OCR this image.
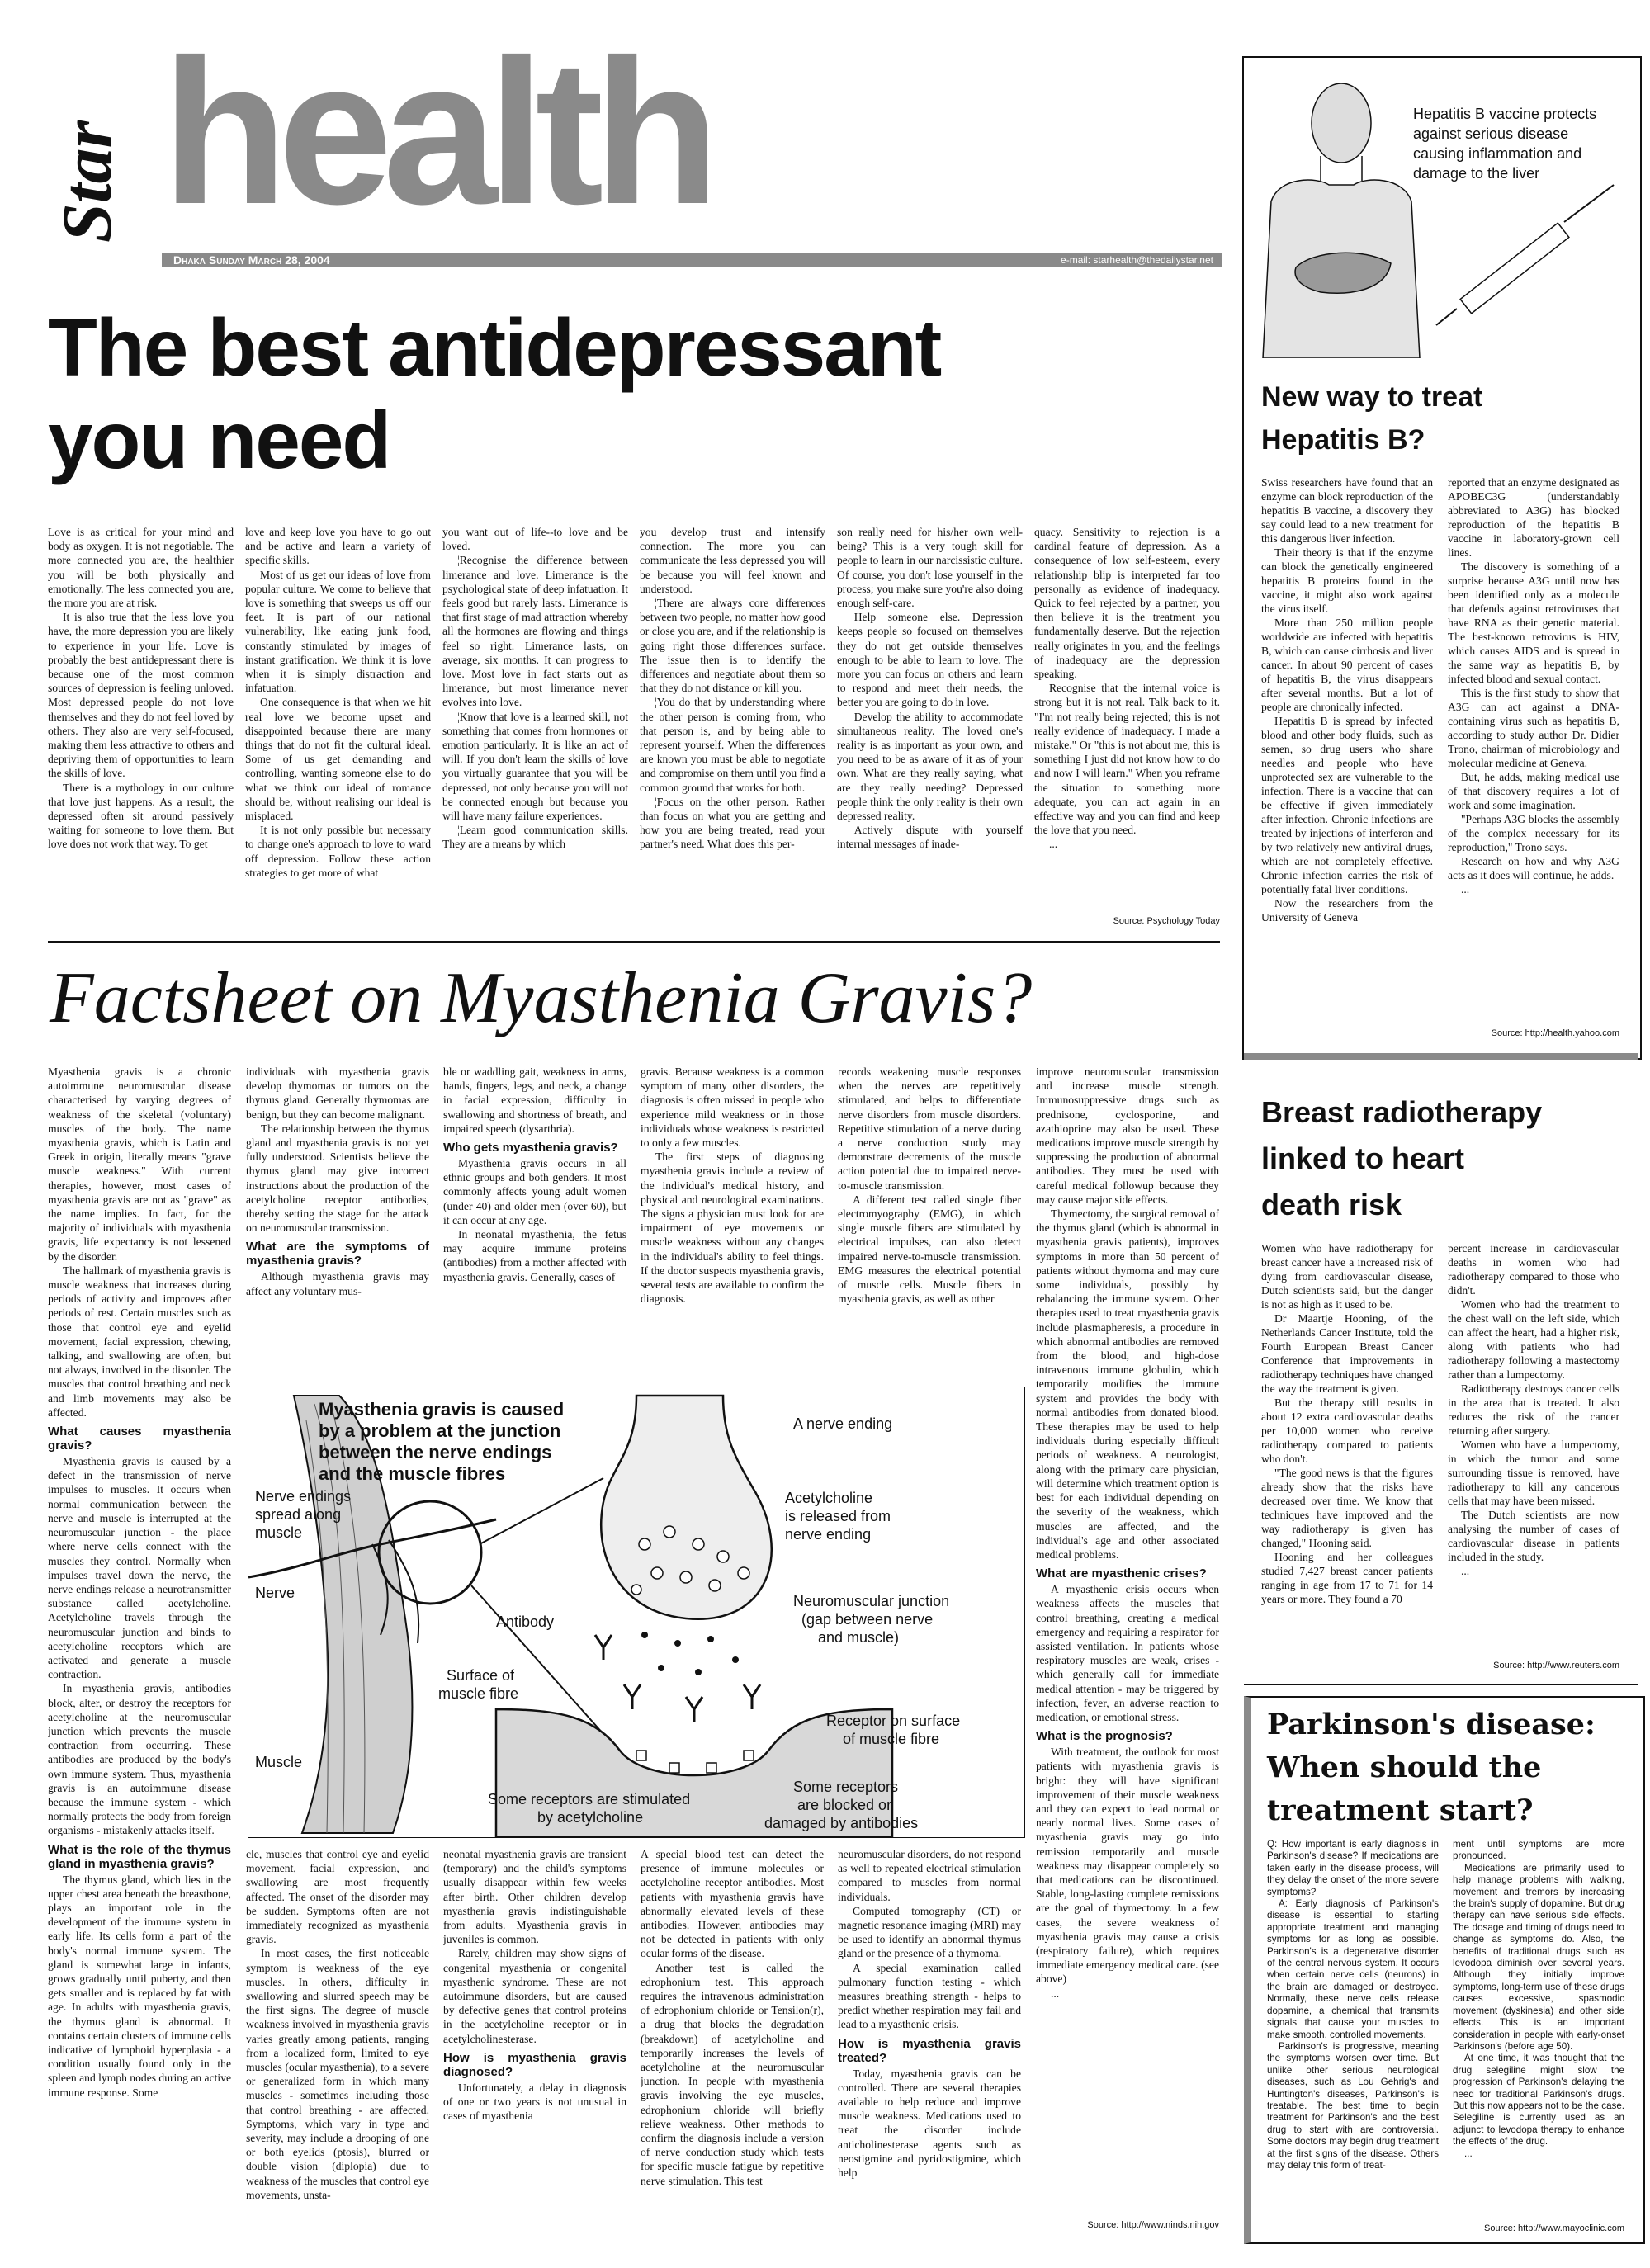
Star health
Dhaka Sunday March 28, 2004	e-mail: starhealth@thedailystar.net
The best antidepressant
you need

Love is as critical for your mind and body as oxygen. It is not negotiable. The more connected you are, the healthier you will be both physically and emotionally. The less connected you are, the more you are at risk.

It is also true that the less love you have, the more depression you are likely to experience in your life. Love is probably the best antidepressant there is because one of the most common sources of depression is feeling unloved. Most depressed people do not love themselves and they do not feel loved by others. They also are very self-focused, making them less attractive to others and depriving them of opportunities to learn the skills of love.

There is a mythology in our culture that love just happens. As a result, the depressed often sit around passively waiting for someone to love them. But love does not work that way. To get

love and keep love you have to go out and be active and learn a variety of specific skills.

Most of us get our ideas of love from popular culture. We come to believe that love is something that sweeps us off our feet. It is part of our national vulnerability, like eating junk food, constantly stimulated by images of instant gratification. We think it is love when it is simply distraction and infatuation.

One consequence is that when we hit real love we become upset and disappointed because there are many things that do not fit the cultural ideal. Some of us get demanding and controlling, wanting someone else to do what we think our ideal of romance should be, without realising our ideal is misplaced.

It is not only possible but necessary to change one's approach to love to ward off depression. Follow these action strategies to get more of what

you want out of life--to love and be loved.

¦Recognise the difference between limerance and love. Limerance is the psychological state of deep infatuation. It feels good but rarely lasts. Limerance is that first stage of mad attraction whereby all the hormones are flowing and things feel so right. Limerance lasts, on average, six months. It can progress to love. Most love in fact starts out as limerance, but most limerance never evolves into love.

¦Know that love is a learned skill, not something that comes from hormones or emotion particularly. It is like an act of will. If you don't learn the skills of love you virtually guarantee that you will be depressed, not only because you will not be connected enough but because you will have many failure experiences.

¦Learn good communication skills. They are a means by which

you develop trust and intensify connection. The more you can communicate the less depressed you will be because you will feel known and understood.

¦There are always core differences between two people, no matter how good or close you are, and if the relationship is going right those differences surface. The issue then is to identify the differences and negotiate about them so that they do not distance or kill you.

¦You do that by understanding where the other person is coming from, who that person is, and by being able to represent yourself. When the differences are known you must be able to negotiate and compromise on them until you find a common ground that works for both.

¦Focus on the other person. Rather than focus on what you are getting and how you are being treated, read your partner's need. What does this per-

son really need for his/her own well-being? This is a very tough skill for people to learn in our narcissistic culture. Of course, you don't lose yourself in the process; you make sure you're also doing enough self-care.

¦Help someone else. Depression keeps people so focused on themselves they do not get outside themselves enough to be able to learn to love. The more you can focus on others and learn to respond and meet their needs, the better you are going to do in love.

¦Develop the ability to accommodate simultaneous reality. The loved one's reality is as important as your own, and you need to be as aware of it as of your own. What are they really saying, what are they really needing? Depressed people think the only reality is their own depressed reality.

¦Actively dispute with yourself internal messages of inade-

quacy. Sensitivity to rejection is a cardinal feature of depression. As a consequence of low self-esteem, every relationship blip is interpreted far too personally as evidence of inadequacy. Quick to feel rejected by a partner, you then believe it is the treatment you fundamentally deserve. But the rejection really originates in you, and the feelings of inadequacy are the depression speaking.

Recognise that the internal voice is strong but it is not real. Talk back to it. "I'm not really being rejected; this is not really evidence of inadequacy. I made a mistake." Or "this is not about me, this is something I just did not know how to do and now I will learn." When you reframe the situation to something more adequate, you can act again in an effective way and you can find and keep the love that you need.

...

Source: Psychology Today
Factsheet on Myasthenia Gravis?

Myasthenia gravis is a chronic autoimmune neuromuscular disease characterised by varying degrees of weakness of the skeletal (voluntary) muscles of the body. The name myasthenia gravis, which is Latin and Greek in origin, literally means "grave muscle weakness." With current therapies, however, most cases of myasthenia gravis are not as "grave" as the name implies. In fact, for the majority of individuals with myasthenia gravis, life expectancy is not lessened by the disorder.

The hallmark of myasthenia gravis is muscle weakness that increases during periods of activity and improves after periods of rest. Certain muscles such as those that control eye and eyelid movement, facial expression, chewing, talking, and swallowing are often, but not always, involved in the disorder. The muscles that control breathing and neck and limb movements may also be affected.

What causes myasthenia gravis?

Myasthenia gravis is caused by a defect in the transmission of nerve impulses to muscles. It occurs when normal communication between the nerve and muscle is interrupted at the neuromuscular junction - the place where nerve cells connect with the muscles they control. Normally when impulses travel down the nerve, the nerve endings release a neurotransmitter substance called acetylcholine. Acetylcholine travels through the neuromuscular junction and binds to acetylcholine receptors which are activated and generate a muscle contraction.

In myasthenia gravis, antibodies block, alter, or destroy the receptors for acetylcholine at the neuromuscular junction which prevents the muscle contraction from occurring. These antibodies are produced by the body's own immune system. Thus, myasthenia gravis is an autoimmune disease because the immune system - which normally protects the body from foreign organisms - mistakenly attacks itself.

What is the role of the thymus gland in myasthenia gravis?

The thymus gland, which lies in the upper chest area beneath the breastbone, plays an important role in the development of the immune system in early life. Its cells form a part of the body's normal immune system. The gland is somewhat large in infants, grows gradually until puberty, and then gets smaller and is replaced by fat with age. In adults with myasthenia gravis, the thymus gland is abnormal. It contains certain clusters of immune cells indicative of lymphoid hyperplasia - a condition usually found only in the spleen and lymph nodes during an active immune response. Some

individuals with myasthenia gravis develop thymomas or tumors on the thymus gland. Generally thymomas are benign, but they can become malignant.

The relationship between the thymus gland and myasthenia gravis is not yet fully understood. Scientists believe the thymus gland may give incorrect instructions about the production of the acetylcholine receptor antibodies, thereby setting the stage for the attack on neuromuscular transmission.

What are the symptoms of myasthenia gravis?

Although myasthenia gravis may affect any voluntary mus-

ble or waddling gait, weakness in arms, hands, fingers, legs, and neck, a change in facial expression, difficulty in swallowing and shortness of breath, and impaired speech (dysarthria).

Who gets myasthenia gravis?

Myasthenia gravis occurs in all ethnic groups and both genders. It most commonly affects young adult women (under 40) and older men (over 60), but it can occur at any age.

In neonatal myasthenia, the fetus may acquire immune proteins (antibodies) from a mother affected with myasthenia gravis. Generally, cases of

gravis. Because weakness is a common symptom of many other disorders, the diagnosis is often missed in people who experience mild weakness or in those individuals whose weakness is restricted to only a few muscles.

The first steps of diagnosing myasthenia gravis include a review of the individual's medical history, and physical and neurological examinations. The signs a physician must look for are impairment of eye movements or muscle weakness without any changes in the individual's ability to feel things. If the doctor suspects myasthenia gravis, several tests are available to confirm the diagnosis.

records weakening muscle responses when the nerves are repetitively stimulated, and helps to differentiate nerve disorders from muscle disorders. Repetitive stimulation of a nerve during a nerve conduction study may demonstrate decrements of the muscle action potential due to impaired nerve-to-muscle transmission.

A different test called single fiber electromyography (EMG), in which single muscle fibers are stimulated by electrical impulses, can also detect impaired nerve-to-muscle transmission. EMG measures the electrical potential of muscle cells. Muscle fibers in myasthenia gravis, as well as other

improve neuromuscular transmission and increase muscle strength. Immunosuppressive drugs such as prednisone, cyclosporine, and azathioprine may also be used. These medications improve muscle strength by suppressing the production of abnormal antibodies. They must be used with careful medical followup because they may cause major side effects.

Thymectomy, the surgical removal of the thymus gland (which is abnormal in myasthenia gravis patients), improves symptoms in more than 50 percent of patients without thymoma and may cure some individuals, possibly by rebalancing the immune system. Other therapies used to treat myasthenia gravis include plasmapheresis, a procedure in which abnormal antibodies are removed from the blood, and high-dose intravenous immune globulin, which temporarily modifies the immune system and provides the body with normal antibodies from donated blood. These therapies may be used to help individuals during especially difficult periods of weakness. A neurologist, along with the primary care physician, will determine which treatment option is best for each individual depending on the severity of the weakness, which muscles are affected, and the individual's age and other associated medical problems.

What are myasthenic crises?

A myasthenic crisis occurs when weakness affects the muscles that control breathing, creating a medical emergency and requiring a respirator for assisted ventilation. In patients whose respiratory muscles are weak, crises - which generally call for immediate medical attention - may be triggered by infection, fever, an adverse reaction to medication, or emotional stress.

What is the prognosis?

With treatment, the outlook for most patients with myasthenia gravis is bright: they will have significant improvement of their muscle weakness and they can expect to lead normal or nearly normal lives. Some cases of myasthenia gravis may go into remission temporarily and muscle weakness may disappear completely so that medications can be discontinued. Stable, long-lasting complete remissions are the goal of thymectomy. In a few cases, the severe weakness of myasthenia gravis may cause a crisis (respiratory failure), which requires immediate emergency medical care. (see above)

...

cle, muscles that control eye and eyelid movement, facial expression, and swallowing are most frequently affected. The onset of the disorder may be sudden. Symptoms often are not immediately recognized as myasthenia gravis.

In most cases, the first noticeable symptom is weakness of the eye muscles. In others, difficulty in swallowing and slurred speech may be the first signs. The degree of muscle weakness involved in myasthenia gravis varies greatly among patients, ranging from a localized form, limited to eye muscles (ocular myasthenia), to a severe or generalized form in which many muscles - sometimes including those that control breathing - are affected. Symptoms, which vary in type and severity, may include a drooping of one or both eyelids (ptosis), blurred or double vision (diplopia) due to weakness of the muscles that control eye movements, unsta-

neonatal myasthenia gravis are transient (temporary) and the child's symptoms usually disappear within few weeks after birth. Other children develop myasthenia gravis indistinguishable from adults. Myasthenia gravis in juveniles is common.

Rarely, children may show signs of congenital myasthenia or congenital myasthenic syndrome. These are not autoimmune disorders, but are caused by defective genes that control proteins in the acetylcholine receptor or in acetylcholinesterase.

How is myasthenia gravis diagnosed?

Unfortunately, a delay in diagnosis of one or two years is not unusual in cases of myasthenia

A special blood test can detect the presence of immune molecules or acetylcholine receptor antibodies. Most patients with myasthenia gravis have abnormally elevated levels of these antibodies. However, antibodies may not be detected in patients with only ocular forms of the disease.

Another test is called the edrophonium test. This approach requires the intravenous administration of edrophonium chloride or Tensilon(r), a drug that blocks the degradation (breakdown) of acetylcholine and temporarily increases the levels of acetylcholine at the neuromuscular junction. In people with myasthenia gravis involving the eye muscles, edrophonium chloride will briefly relieve weakness. Other methods to confirm the diagnosis include a version of nerve conduction study which tests for specific muscle fatigue by repetitive nerve stimulation. This test

neuromuscular disorders, do not respond as well to repeated electrical stimulation compared to muscles from normal individuals.

Computed tomography (CT) or magnetic resonance imaging (MRI) may be used to identify an abnormal thymus gland or the presence of a thymoma.

A special examination called pulmonary function testing - which measures breathing strength - helps to predict whether respiration may fail and lead to a myasthenic crisis.

How is myasthenia gravis treated?

Today, myasthenia gravis can be controlled. There are several therapies available to help reduce and improve muscle weakness. Medications used to treat the disorder include anticholinesterase agents such as neostigmine and pyridostigmine, which help

Source: http://www.ninds.nih.gov
Myasthenia gravis is caused
by a problem at the junction
between the nerve endings
and the muscle fibres
Nerve endings
spread along
muscle
Nerve
Muscle
A nerve ending
Acetylcholine
is released from
nerve ending
Antibody
Neuromuscular junction
(gap between nerve
and muscle)
Surface of
muscle fibre
Receptor on surface
of muscle fibre
Some receptors are stimulated
by acetylcholine
Some receptors
are blocked or
damaged by antibodies
Hepatitis B vaccine protects against serious disease causing inflammation and damage to the liver
New way to treat
Hepatitis B?

Swiss researchers have found that an enzyme can block reproduction of the hepatitis B vaccine, a discovery they say could lead to a new treatment for this dangerous liver infection.

Their theory is that if the enzyme can block the genetically engineered hepatitis B proteins found in the vaccine, it might also work against the virus itself.

More than 250 million people worldwide are infected with hepatitis B, which can cause cirrhosis and liver cancer. In about 90 percent of cases of hepatitis B, the virus disappears after several months. But a lot of people are chronically infected.

Hepatitis B is spread by infected blood and other body fluids, such as semen, so drug users who share needles and people who have unprotected sex are vulnerable to the infection. There is a vaccine that can be effective if given immediately after infection. Chronic infections are treated by injections of interferon and by two relatively new antiviral drugs, which are not completely effective. Chronic infection carries the risk of potentially fatal liver conditions.

Now the researchers from the University of Geneva

reported that an enzyme designated as APOBEC3G (understandably abbreviated to A3G) has blocked reproduction of the hepatitis B vaccine in laboratory-grown cell lines.

The discovery is something of a surprise because A3G until now has been identified only as a molecule that defends against retroviruses that have RNA as their genetic material. The best-known retrovirus is HIV, which causes AIDS and is spread in the same way as hepatitis B, by infected blood and sexual contact.

This is the first study to show that A3G can act against a DNA-containing virus such as hepatitis B, according to study author Dr. Didier Trono, chairman of microbiology and molecular medicine at Geneva.

But, he adds, making medical use of that discovery requires a lot of work and some imagination.

"Perhaps A3G blocks the assembly of the complex necessary for its reproduction," Trono says.

Research on how and why A3G acts as it does will continue, he adds.

...

Source: http://health.yahoo.com
Breast radiotherapy
linked to heart
death risk

Women who have radiotherapy for breast cancer have a increased risk of dying from cardiovascular disease, Dutch scientists said, but the danger is not as high as it used to be.

Dr Maartje Hooning, of the Netherlands Cancer Institute, told the Fourth European Breast Cancer Conference that improvements in radiotherapy techniques have changed the way the treatment is given.

But the therapy still results in about 12 extra cardiovascular deaths per 10,000 women who receive radiotherapy compared to patients who don't.

"The good news is that the figures already show that the risks have decreased over time. We know that techniques have improved and the way radiotherapy is given has changed," Hooning said.

Hooning and her colleagues studied 7,427 breast cancer patients ranging in age from 17 to 71 for 14 years or more. They found a 70

percent increase in cardiovascular deaths in women who had radiotherapy compared to those who didn't.

Women who had the treatment to the chest wall on the left side, which can affect the heart, had a higher risk, along with patients who had radiotherapy following a mastectomy rather than a lumpectomy.

Radiotherapy destroys cancer cells in the area that is treated. It also reduces the risk of the cancer returning after surgery.

Women who have a lumpectomy, in which the tumor and some surrounding tissue is removed, have radiotherapy to kill any cancerous cells that may have been missed.

The Dutch scientists are now analysing the number of cases of cardiovascular disease in patients included in the study.

...

Source: http://www.reuters.com
Parkinson's disease:
When should the
treatment start?

Q: How important is early diagnosis in Parkinson's disease? If medications are taken early in the disease process, will they delay the onset of the more severe symptoms?

A: Early diagnosis of Parkinson's disease is essential to starting appropriate treatment and managing symptoms for as long as possible. Parkinson's is a degenerative disorder of the central nervous system. It occurs when certain nerve cells (neurons) in the brain are damaged or destroyed. Normally, these nerve cells release dopamine, a chemical that transmits signals that cause your muscles to make smooth, controlled movements.

Parkinson's is progressive, meaning the symptoms worsen over time. But unlike other serious neurological diseases, such as Lou Gehrig's and Huntington's diseases, Parkinson's is treatable. The best time to begin treatment for Parkinson's and the best drug to start with are controversial. Some doctors may begin drug treatment at the first signs of the disease. Others may delay this form of treat-

ment until symptoms are more pronounced.

Medications are primarily used to help manage problems with walking, movement and tremors by increasing the brain's supply of dopamine. But drug therapy can have serious side effects. The dosage and timing of drugs need to change as symptoms do. Also, the benefits of traditional drugs such as levodopa diminish over several years. Although they initially improve symptoms, long-term use of these drugs causes excessive, spasmodic movement (dyskinesia) and other side effects. This is an important consideration in people with early-onset Parkinson's (before age 50).

At one time, it was thought that the drug selegiline might slow the progression of Parkinson's delaying the need for traditional Parkinson's drugs. But this now appears not to be the case. Selegiline is currently used as an adjunct to levodopa therapy to enhance the effects of the drug.

...

Source: http://www.mayoclinic.com
